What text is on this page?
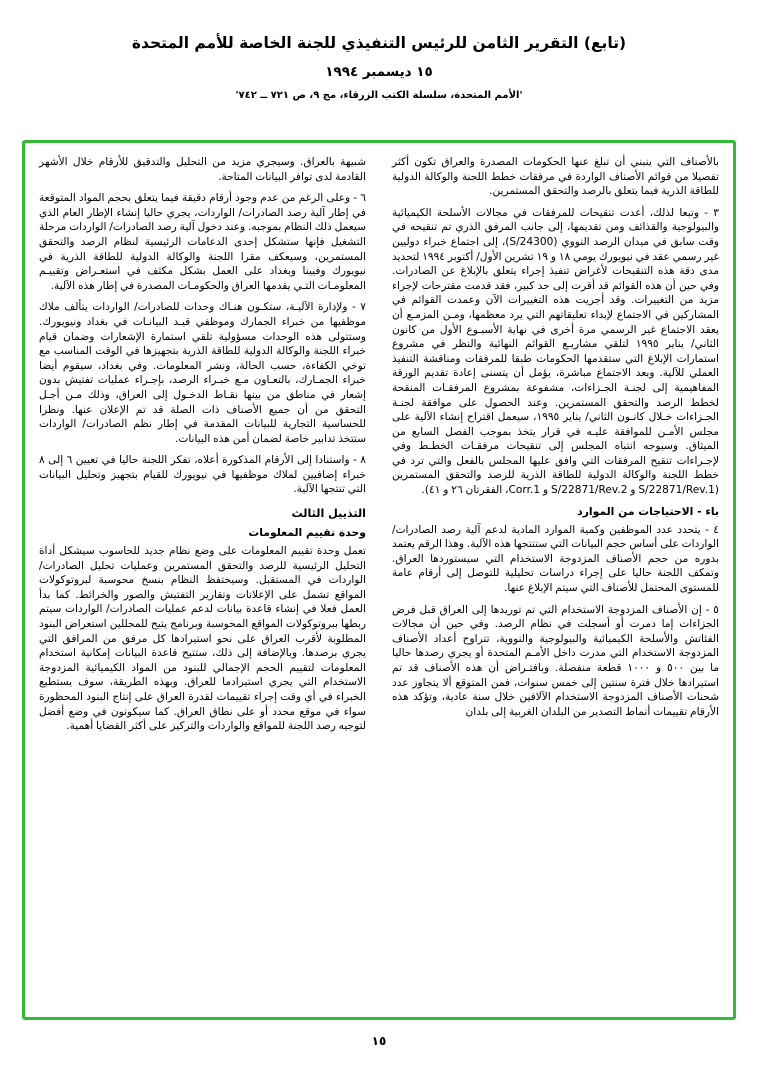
(تابع) التقرير الثامن للرئيس التنفيذي للجنة الخاصة للأمم المتحدة
١٥ ديسمبر ١٩٩٤
'الأمم المتحدة، سلسلة الكتب الزرقاء، مج ٩، ص ٧٢١ ــ ٧٤٢'

بالأصناف التي ينبني أن تبلغ عنها الحكومات المصدرة والعراق تكون أكثر تفصيلا من قوائم الأصناف الواردة في مرفقات خطط اللجنة والوكالة الدولية للطاقة الذرية فيما يتعلق بالرصد والتحقق المستمرين.

٣ - وتبعا لذلك، أعدت تنقيحات للمرفقات في مجالات الأسلحة الكيميائية والبيولوجية والقذائف ومن تقديمها، إلى جانب المرفق الذري تم تنقيحه في وقت سابق في ميدان الرصد النووي (S/24300)، إلى اجتماع خبراء دوليين غير رسمي عقد في نيويورك يومي ١٨ و ١٩ تشرين الأول/ أكتوبر ١٩٩٤ لتحديد مدى دقة هذه التنقيحات لأغراض تنفيذ إجراء يتعلق بالإبلاغ عن الصادرات. وفي حين أن هذه القوائم قد أقرت إلى حد كبير، فقد قدمت مقترحات لإجراء مزيد من التغييرات. وقد أجريت هذه التغييرات الآن وعمدت القوائم في المشاركين في الاجتماع لإبداء تعليقاتهم التي يرد معظمها، ومـن المزمـع أن يعقد الاجتماع غير الرسمي مرة أخرى في نهاية الأسبـوع الأول من كانون الثاني/ يناير ١٩٩٥ لتلقي مشاريـع القوائم النهائية والنظر في مشروع استمارات الإبلاغ التي ستقدمها الحكومات طبقا للمرفقات ومناقشة التنفيذ العملي للآلية. وبعد الاجتماع مباشرة، يؤمل أن يتسنى إعادة تقديم الورقة المفاهيمية إلى لجنـة الجـزاءات، مشفوعة بمشروع المرفقـات المنقحة لخطط الرصد والتحقق المستمرين. وعند الحصول على موافقة لجنـة الجـزاءات خـلال كانـون الثاني/ يناير ١٩٩٥، سيعمل اقتراح إنشاء الآلية على مجلس الأمـن للموافقة عليـه في قرار يتخذ بموجب الفصل السابع من الميثاق. وسيوجه انتباه المجلس إلى تنقيحات مرفقـات الخطـط وفي لإجـراءات تنقيح المرفقات التي وافق عليها المجلس بالفعل والتي ترد في خطط اللجنة والوكالة الدولية للطاقة الذرية للرصد والتحقق المستمرين (S/22871/Rev.1 و S/22871/Rev.2 و Corr.1، الفقرتان ٢٦ و ٤١).

باء - الاحتياجات من الموارد

٤ - يتحدد عدد الموظفين وكمية الموارد المادية لدعم آلية رصد الصادرات/ الواردات على أساس حجم البيانات التي ستنتجها هذه الآلية. وهذا الرقم يعتمد بدوره من حجم الأصناف المزدوجة الاستخدام التي سيستوردها العراق. وتمكف اللجنة حاليا على إجراء دراسات تحليلية للتوصل إلى أرقام عامة للمستوى المحتمل للأصناف التي سيتم الإبلاغ عنها.

٥ - إن الأصناف المزدوجة الاستخدام التي تم توريدها إلى العراق قبل فرض الجزاءات إما دمرت أو أسجلت في نظام الرصد. وفي حين أن مجالات الفئاتش والأسلحة الكيميائية والبيولوجية والنووية، تتراوح أعداد الأصناف المزدوجة الاستخدام التي مدرت داخل الأمـم المتحدة أو يجري رصدها حاليا ما بين ٥٠٠ و ١٠٠٠ قطعة منفصلة. وبافتـراض أن هذه الأصناف قد تم استيرادها خلال فترة سنتين إلى خمس سنوات، فمن المتوقع ألا يتجاوز عدد شحنات الأصناف المزدوجة الاستخدام الآلافين خلال سنة عادية، وتؤكد هذه الأرقام تقييمات أنماط التصدير من البلدان الغربية إلى بلدان

شبيهة بالعراق. وسيجري مزيد من التحليل والتدقيق للأرقام خلال الأشهر القادمة لدى توافر البيانات المتاحة.

٦ - وعلى الرغم من عدم وجود أرقام دقيقة فيما يتعلق بحجم المواد المتوقعة في إطار آلية رصد الصادرات/ الواردات، يجري حاليا إنشاء الإطار العام الذي سيعمل ذلك النظام بموجبه. وعند دخول آلية رصد الصادرات/ الواردات مرحلة التشغيل فإنها ستشكل إحدى الدعامات الرئيسية لنظام الرصد والتحقق المستمرين، وسيعكف مقرا اللجنة والوكالة الدولية للطاقة الذرية في نيويورك وفيينا وبغداد على العمل بشكل مكثف في استعـراض وتقييـم المعلومـات التـي يقدمها العراق والحكومـات المصدرة في إطار هذه الآلية.

٧ - ولإدارة الآليـة، ستكـون هنـاك وحدات للصادرات/ الواردات يتألف ملاك موظفيها من خبراء الجمارك وموظفي قيـد البيانـات في بغداد ونيويورك. وستتولى هذه الوحدات مسؤولية تلقي استمارة الإشعارات وضمان قيام خبراء اللجنة والوكالة الدولية للطاقة الذرية بتجهيزها في الوقت المناسب مع توخي الكفاءة، حسب الحالة، ونشر المعلومات. وفي بغداد، سيقوم أيضا خبراء الجمـارك، بالتعـاون مـع خبـراء الرصد، بإجـراء عمليات تفتيش بدون إشعار في مناطق من بينها نقـاط الدخـول إلى العراق، وذلك مـن أجـل التحقق من أن جميع الأصناف ذات الصلة قد تم الإعلان عنها. ونظرا للحساسية التجارية للبيانات المقدمة في إطار نظم الصادرات/ الواردات ستتخذ تدابير خاصة لضمان أمن هذه البيانات.

٨ - واستنادا إلى الأرقام المذكورة أعلاه، تفكر اللجنة حاليا في تعيين ٦ إلى ٨ خبراء إضافيين لملاك موظفيها في نيويورك للقيام بتجهيز وتحليل البيانات التي تنتجها الآلية.

التذييل الثالث
وحدة تقييم المعلومات

تعمل وحدة تقييم المعلومات على وضع نظام جديد للحاسوب سيشكل أداة التحليل الرئيسية للرصد والتحقق المستمرين وعمليات تحليل الصادرات/ الواردات في المستقبل. وسيحتفظ النظام بنسخ محوسبة لبروتوكولات المواقع تشمل على الإعلانات وتقارير التفتيش والصور والخرائط. كما بدأ العمل فعلا في إنشاء قاعدة بيانات لدعم عمليات الصادرات/ الواردات سيتم ربطها ببروتوكولات المواقع المحوسبة وبرنامج يتيح للمحللين استعراض البنود المطلوبة لأقرب العراق على نحو استيرادها كل مرفق من المرافق التي يجري برصدها. وبالإضافة إلى ذلك، ستتيح قاعدة البيانات إمكانية استخدام المعلومات لتقييم الحجم الإجمالي للبنود من المواد الكيميائية المزدوجة الاستخدام التي يجري استيرادما للعراق. وبهذه الطريقة، سوف يستطيع الخبراء في أي وقت إجراء تقييمات لقدرة العراق على إنتاج البنود المحظورة سواء في موقع محدد أو على نطاق العراق. كما سيكونون في وضع أفضل لتوجيه رصد اللجنة للمواقع والواردات والتركيز على أكثر القضايا أهمية.

١٥
